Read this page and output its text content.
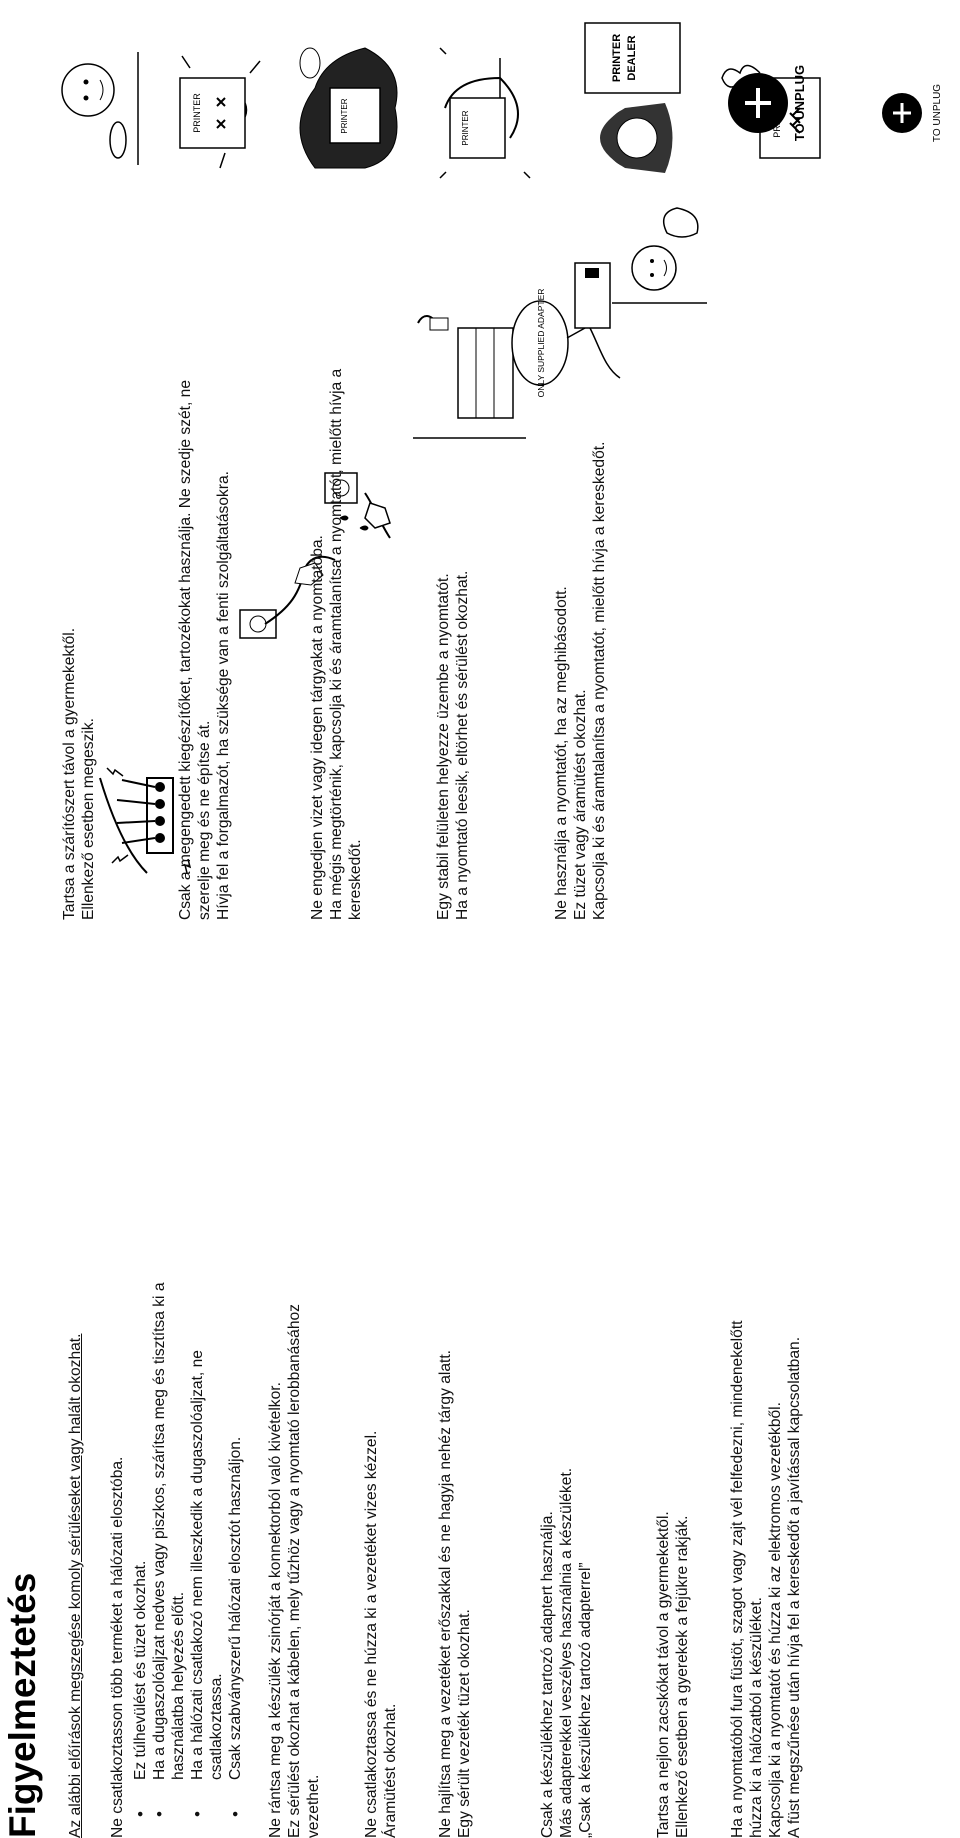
Figyelmeztetés Az alábbi előírások megszegése komoly sérüléseket vagy halált okozhat. Ne csatlakoztasson több terméket a hálózati elosztóba. • Ez túlhevülést és tüzet okozhat. • Ha a dugaszolóaljzat nedves vagy piszkos, szárítsa meg és tisztítsa ki a használatba helyezés előtt. • Ha a hálózati csatlakozó nem illeszkedik a dugaszolóaljzat, ne csatlakoztassa. • Csak szabványszerű hálózati elosztót használjon. Ne rántsa meg a készülék zsinórját a konnektorból való kivételkor. Ez sérülést okozhat a kábelen, mely tűzhöz vagy a nyomtató lerobbanásához vezethet.	Ne csatlakoztassa és ne húzza ki a vezetéket vizes kézzel. Áramütést okozhat. Ne hajlítsa meg a vezetéket erőszakkal és ne hagyja nehéz tárgy alatt. Egy sérült vezeték tüzet okozhat.	Csak a készülékhez tartozó adaptert használja. Más adapterekkel veszélyes használnia a készüléket. „Csak a készülékhez tartozó adapterrel”	Tartsa a nejlon zacskókat távol a gyermekektől. Ellenkező esetben a gyerekek a fejükre rakják. Ha a nyomtatóból fura füstöt, szagot vagy zajt vél felfedezni, mindenekelőtt húzza ki a hálózatból a készüléket. Kapcsolja ki a nyomtatót és húzza ki az elektromos vezetékből. A füst megszűnése után hívja fel a kereskedőt a javítással kapcsolatban.

ONLY SUPPLIED ADAPTER

Tartsa a szárítószert távol a gyermekektől. Ellenkező esetben megeszik.	Csak a megengedett kiegészítőket, tartozékokat használja. Ne szedje szét, ne szerelje meg és ne építse át. Hívja fel a forgalmazót, ha szüksége van a fenti szolgáltatásokra.	Ne engedjen vizet vagy idegen tárgyakat a nyomtatóba. Ha mégis megtörténik, kapcsolja ki és áramtalanítsa a nyomtatót, mielőtt hívja a kereskedőt.	Egy stabil felületen helyezze üzembe a nyomtatót. Ha a nyomtató leesik, eltörhet és sérülést okozhat.	Ne használja a nyomtatót, ha az meghibásodott. Ez tüzet vagy áramütést okozhat. Kapcsolja ki és áramtalanítsa a nyomtatót, mielőtt hívja a kereskedőt.

PRINTER	PRINTER	PRINTER
PRINTER DEALER
TO UNPLUG	TO UNPLUG
